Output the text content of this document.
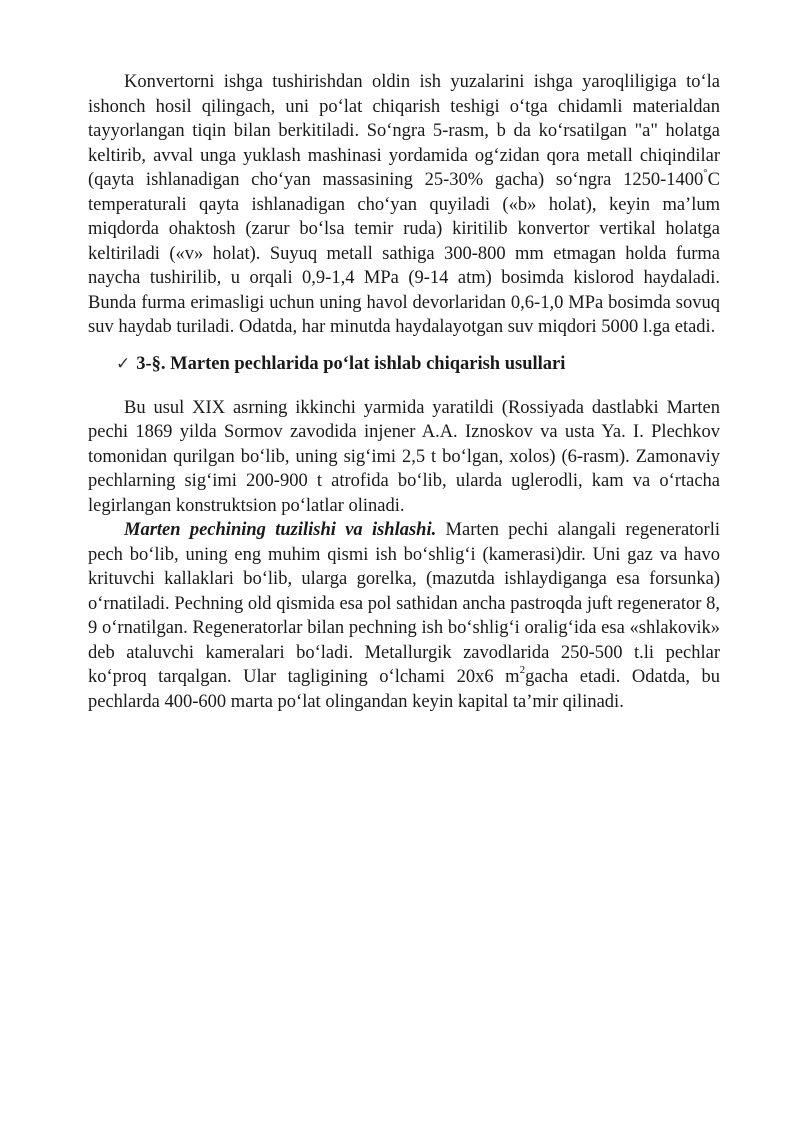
Konvertorni ishga tushirishdan oldin ish yuzalarini ishga yaroqliligiga to‘la ishonch hosil qilingach, uni po‘lat chiqarish teshigi o‘tga chidamli materialdan tayyorlangan tiqin bilan berkitiladi. So‘ngra 5-rasm, b da ko‘rsatilgan "a" holatga keltirib, avval unga yuklash mashinasi yordamida og‘zidan qora metall chiqindilar (qayta ishlanadigan cho‘yan massasining 25-30% gacha) so‘ngra 1250-1400°C temperaturali qayta ishlanadigan cho‘yan quyiladi («b» holat), keyin ma’lum miqdorda ohaktosh (zarur bo‘lsa temir ruda) kiritilib konvertor vertikal holatga keltiriladi («v» holat). Suyuq metall sathiga 300-800 mm etmagan holda furma naycha tushirilib, u orqali 0,9-1,4 MPa (9-14 atm) bosimda kislorod haydaladi. Bunda furma erimasligi uchun uning havol devorlaridan 0,6-1,0 MPa bosimda sovuq suv haydab turiladi. Odatda, har minutda haydalayotgan suv miqdori 5000 l.ga etadi.

✓ 3-§. Marten pechlarida po‘lat ishlab chiqarish usullari

Bu usul XIX asrning ikkinchi yarmida yaratildi (Rossiyada dastlabki Marten pechi 1869 yilda Sormov zavodida injener A.A. Iznoskov va usta Ya. I. Plechkov tomonidan qurilgan bo‘lib, uning sig‘imi 2,5 t bo‘lgan, xolos) (6-rasm). Zamonaviy pechlarning sig‘imi 200-900 t atrofida bo‘lib, ularda uglerodli, kam va o‘rtacha legirlangan konstruktsion po‘latlar olinadi.

Marten pechining tuzilishi va ishlashi. Marten pechi alangali regeneratorli pech bo‘lib, uning eng muhim qismi ish bo‘shlig‘i (kamerasi)dir. Uni gaz va havo krituvchi kallaklari bo‘lib, ularga gorelka, (mazutda ishlaydiganga esa forsunka) o‘rnatiladi. Pechning old qismida esa pol sathidan ancha pastroqda juft regenerator 8, 9 o‘rnatilgan. Regeneratorlar bilan pechning ish bo‘shlig‘i oralig‘ida esa «shlakovik» deb ataluvchi kameralari bo‘ladi. Metallurgik zavodlarida 250-500 t.li pechlar ko‘proq tarqalgan. Ular tagligining o‘lchami 20x6 $m^2gacha$ etadi. Odatda, bu pechlarda 400-600 marta po‘lat olingandan keyin kapital ta’mir qilinadi.
